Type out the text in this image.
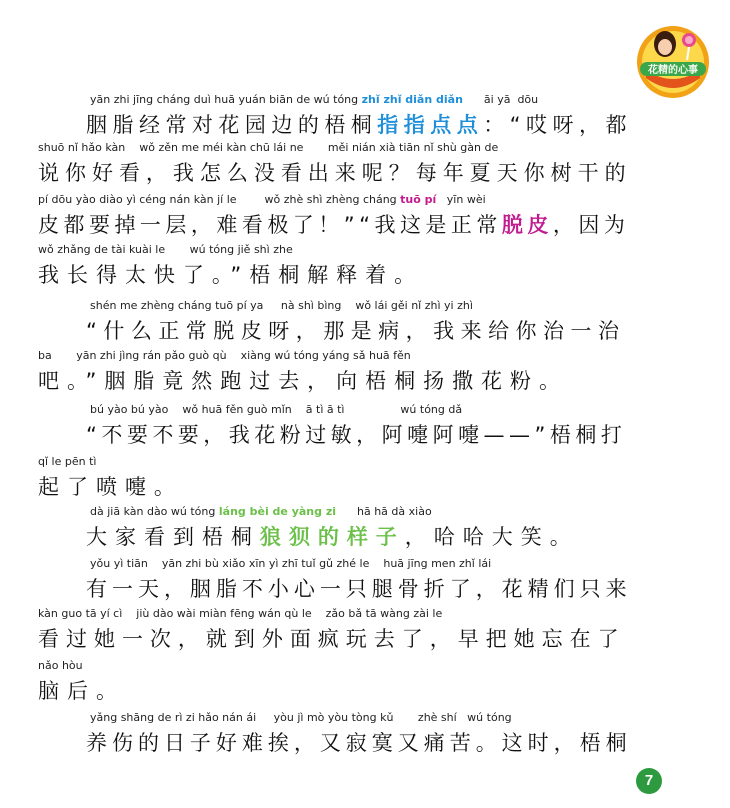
花精的心事
yān zhi jīng cháng duì huā yuán biān de wú tóng zhǐ zhǐ diǎn diǎn      āi yā  dōu
胭脂经常对花园边的梧桐指指点点：“哎呀，都
shuō nǐ hǎo kàn    wǒ zěn me méi kàn chū lái ne       měi nián xià tiān nǐ shù gàn de
说你好看，我怎么没看出来呢？每年夏天你树干的
pí dōu yào diào yì céng nán kàn jí le        wǒ zhè shì zhèng cháng tuō pí   yīn wèi
皮都要掉一层，难看极了！”“我这是正常脱皮，因为
wǒ zhǎng de tài kuài le       wú tóng jiě shì zhe
我长得太快了。”梧桐解释着。
shén me zhèng cháng tuō pí ya     nà shì bìng    wǒ lái gěi nǐ zhì yi zhì
“什么正常脱皮呀，那是病，我来给你治一治
ba       yān zhi jìng rán pǎo guò qù    xiàng wú tóng yáng sǎ huā fěn
吧。”胭脂竟然跑过去，向梧桐扬撒花粉。
bú yào bú yào    wǒ huā fěn guò mǐn    ā tì ā tì                wú tóng dǎ
“不要不要，我花粉过敏，阿嚏阿嚏——”梧桐打
qǐ le pēn tì
起了喷嚏。
dà jiā kàn dào wú tóng láng bèi de yàng zi      hā hā dà xiào
大家看到梧桐狼狈的样子，哈哈大笑。
yǒu yì tiān    yān zhi bù xiǎo xīn yì zhī tuǐ gǔ zhé le    huā jīng men zhǐ lái
有一天，胭脂不小心一只腿骨折了，花精们只来
kàn guo tā yí cì    jiù dào wài miàn fēng wán qù le    zǎo bǎ tā wàng zài le
看过她一次，就到外面疯玩去了，早把她忘在了
nǎo hòu
脑后。
yǎng shāng de rì zi hǎo nán ái     yòu jì mò yòu tòng kǔ       zhè shí   wú tóng
养伤的日子好难挨，又寂寞又痛苦。这时，梧桐
7
